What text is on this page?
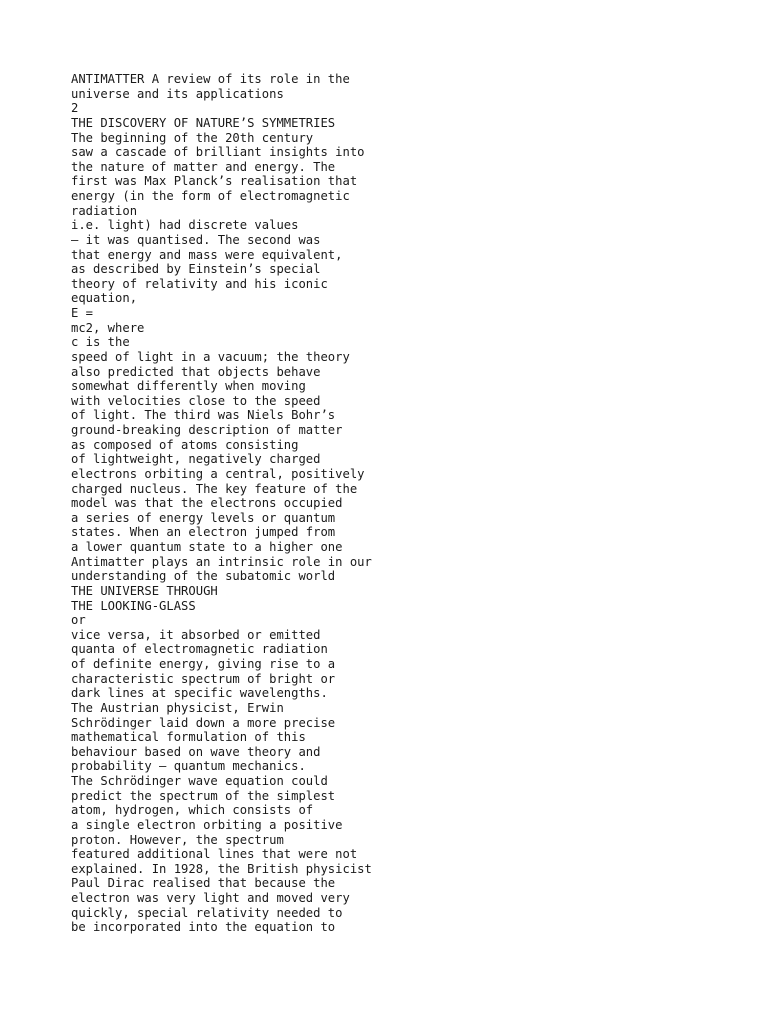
ANTIMATTER A review of its role in the
universe and its applications
2
THE DISCOVERY OF NATURE’S SYMMETRIES
The beginning of the 20th century
saw a cascade of brilliant insights into
the nature of matter and energy. The
first was Max Planck’s realisation that
energy (in the form of electromagnetic
radiation
i.e. light) had discrete values
– it was quantised. The second was
that energy and mass were equivalent,
as described by Einstein’s special
theory of relativity and his iconic
equation,
E =
mc2, where
c is the
speed of light in a vacuum; the theory
also predicted that objects behave
somewhat differently when moving
with velocities close to the speed
of light. The third was Niels Bohr’s
ground-breaking description of matter
as composed of atoms consisting
of lightweight, negatively charged
electrons orbiting a central, positively
charged nucleus. The key feature of the
model was that the electrons occupied
a series of energy levels or quantum
states. When an electron jumped from
a lower quantum state to a higher one
Antimatter plays an intrinsic role in our
understanding of the subatomic world
THE UNIVERSE THROUGH
THE LOOKING-GLASS
or
vice versa, it absorbed or emitted
quanta of electromagnetic radiation
of definite energy, giving rise to a
characteristic spectrum of bright or
dark lines at specific wavelengths.
The Austrian physicist, Erwin
Schrödinger laid down a more precise
mathematical formulation of this
behaviour based on wave theory and
probability – quantum mechanics.
The Schrödinger wave equation could
predict the spectrum of the simplest
atom, hydrogen, which consists of
a single electron orbiting a positive
proton. However, the spectrum
featured additional lines that were not
explained. In 1928, the British physicist
Paul Dirac realised that because the
electron was very light and moved very
quickly, special relativity needed to
be incorporated into the equation to
